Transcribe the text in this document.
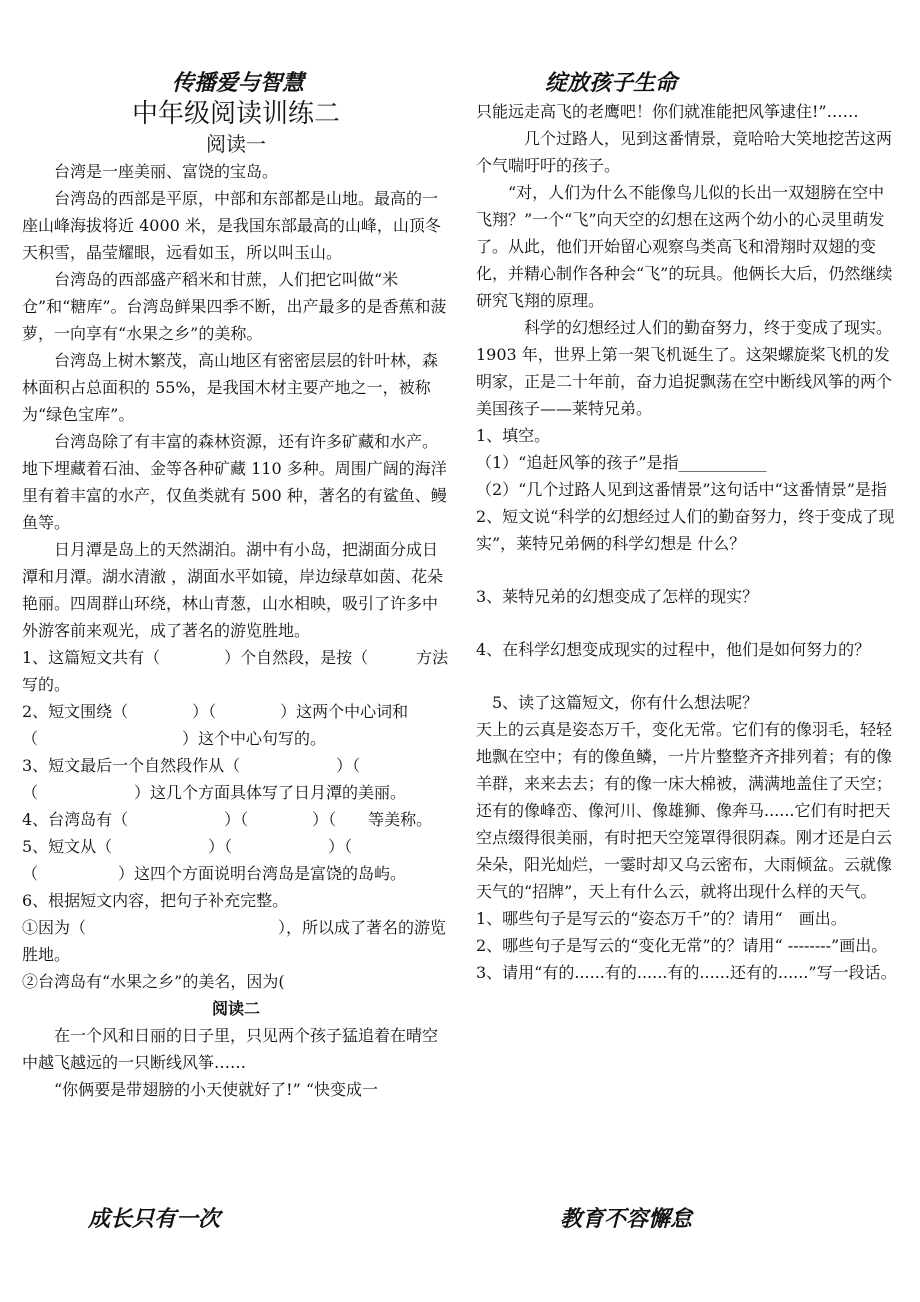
传播爱与智慧	绽放孩子生命

中年级阅读训练二

阅读一

台湾是一座美丽、富饶的宝岛。

台湾岛的西部是平原，中部和东部都是山地。最高的一座山峰海拔将近 4000 米，是我国东部最高的山峰，山顶冬天积雪，晶莹耀眼，远看如玉，所以叫玉山。

台湾岛的西部盛产稻米和甘蔗，人们把它叫做“米仓”和“糖库”。台湾岛鲜果四季不断，出产最多的是香蕉和菠萝，一向享有“水果之乡”的美称。

台湾岛上树木繁茂，高山地区有密密层层的针叶林，森林面积占总面积的 55%，是我国木材主要产地之一，被称为“绿色宝库”。

台湾岛除了有丰富的森林资源，还有许多矿藏和水产。地下埋藏着石油、金等各种矿藏 110 多种。周围广阔的海洋里有着丰富的水产，仅鱼类就有 500 种，著名的有鲨鱼、鳗鱼等。

日月潭是岛上的天然湖泊。湖中有小岛，把湖面分成日潭和月潭。湖水清澈 ，湖面水平如镜，岸边绿草如茵、花朵艳丽。四周群山环绕，林山青葱，山水相映，吸引了许多中外游客前来观光，成了著名的游览胜地。

1、这篇短文共有（　　　　）个自然段，是按（　　　方法写的。

2、短文围绕（　　　　）（　　　　）这两个中心词和（　　　　　　　　　）这个中心句写的。

3、短文最后一个自然段作从（　　　　　　）（　（　　　　　　）这几个方面具体写了日月潭的美丽。

4、台湾岛有（　　　　　　）（　　　　）（　　等美称。

5、短文从（　　　　　　）（　　　　　　）（　（　　　　　）这四个方面说明台湾岛是富饶的岛屿。

6、根据短文内容，把句子补充完整。

①因为（　　　　　　　　　　　　），所以成了著名的游览胜地。

②台湾岛有“水果之乡”的美名，因为(

阅读二

在一个风和日丽的日子里，只见两个孩子猛追着在晴空中越飞越远的一只断线风筝……

“你俩要是带翅膀的小天使就好了!” “快变成一

只能远走高飞的老鹰吧！你们就准能把风筝逮住!”……

几个过路人，见到这番情景，竟哈哈大笑地挖苦这两个气喘吁吁的孩子。

“对，人们为什么不能像鸟儿似的长出一双翅膀在空中飞翔？”一个“飞”向天空的幻想在这两个幼小的心灵里萌发了。从此，他们开始留心观察鸟类高飞和滑翔时双翅的变化，并精心制作各种会“飞”的玩具。他俩长大后，仍然继续研究飞翔的原理。

科学的幻想经过人们的勤奋努力，终于变成了现实。1903 年，世界上第一架飞机诞生了。这架螺旋桨飞机的发明家，正是二十年前，奋力追捉飘荡在空中断线风筝的两个美国孩子——莱特兄弟。

1、填空。

（1）“追赶风筝的孩子”是指___________

（2）“几个过路人见到这番情景”这句话中“这番情景”是指

2、短文说“科学的幻想经过人们的勤奋努力，终于变成了现实”，莱特兄弟俩的科学幻想是 什么？

3、莱特兄弟的幻想变成了怎样的现实？

4、在科学幻想变成现实的过程中，他们是如何努力的？

5、读了这篇短文，你有什么想法呢？

天上的云真是姿态万千，变化无常。它们有的像羽毛，轻轻地飘在空中；有的像鱼鳞，一片片整整齐齐排列着；有的像羊群，来来去去；有的像一床大棉被，满满地盖住了天空；还有的像峰峦、像河川、像雄狮、像奔马......它们有时把天空点缀得很美丽，有时把天空笼罩得很阴森。刚才还是白云朵朵，阳光灿烂，一霎时却又乌云密布，大雨倾盆。云就像天气的“招牌”，天上有什么云，就将出现什么样的天气。

1、哪些句子是写云的“姿态万千”的？请用“　画出。

2、哪些句子是写云的“变化无常”的？请用“ --------”画出。

3、请用“有的......有的......有的......还有的......”写一段话。

成长只有一次	教育不容懈怠
